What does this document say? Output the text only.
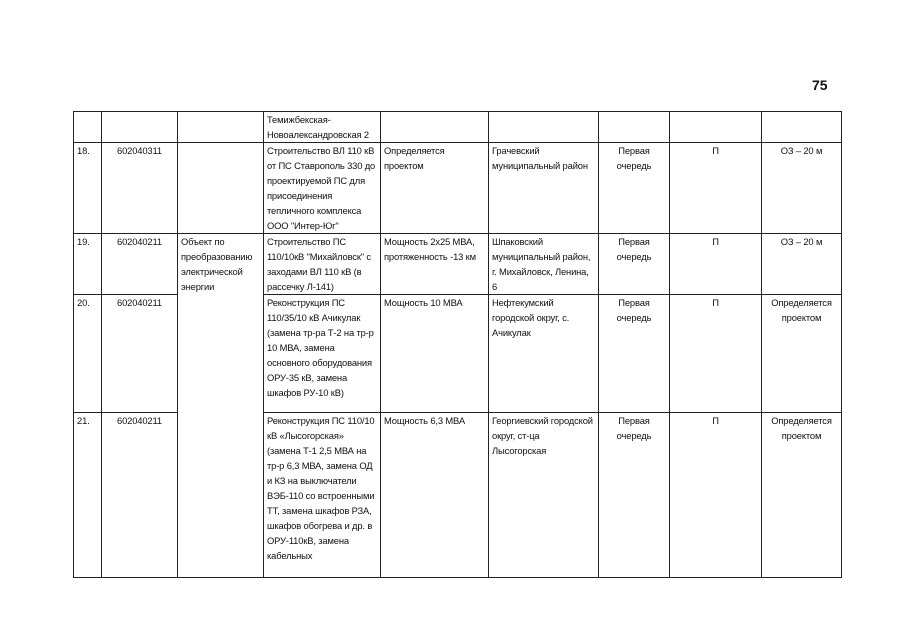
75
			Темижбекская-Новоалександровская 2					
18.	602040311		Строительство ВЛ 110 кВ от ПС Ставрополь 330 до проектируемой ПС для присоединения тепличного комплекса ООО "Интер-Юг"	Определяется проектом	Грачевский муниципальный район	Первая очередь	П	ОЗ – 20 м
19.	602040211	Объект по преобразованию электрической энергии	Строительство ПС 110/10кВ "Михайловск" с заходами ВЛ 110 кВ (в рассечку Л-141)	Мощность 2х25 МВА, протяженность -13 км	Шпаковский муниципальный район, г. Михайловск, Ленина, 6	Первая очередь	П	ОЗ – 20 м
20.	602040211		Реконструкция ПС 110/35/10 кВ Ачикулак (замена тр-ра Т-2 на тр-р 10 МВА, замена основного оборудования ОРУ-35 кВ, замена шкафов РУ-10 кВ)	Мощность 10 МВА	Нефтекумский городской округ, с. Ачикулак	Первая очередь	П	Определяется проектом
21.	602040211		Реконструкция ПС 110/10 кВ «Лысогорская» (замена Т-1 2,5 МВА на тр-р 6,3 МВА, замена ОД и КЗ на выключатели ВЭБ-110 со встроенными ТТ, замена шкафов РЗА, шкафов обогрева и др. в ОРУ-110кВ, замена кабельных	Мощность 6,3 МВА	Георгиевский городской округ, ст-ца Лысогорская	Первая очередь	П	Определяется проектом
